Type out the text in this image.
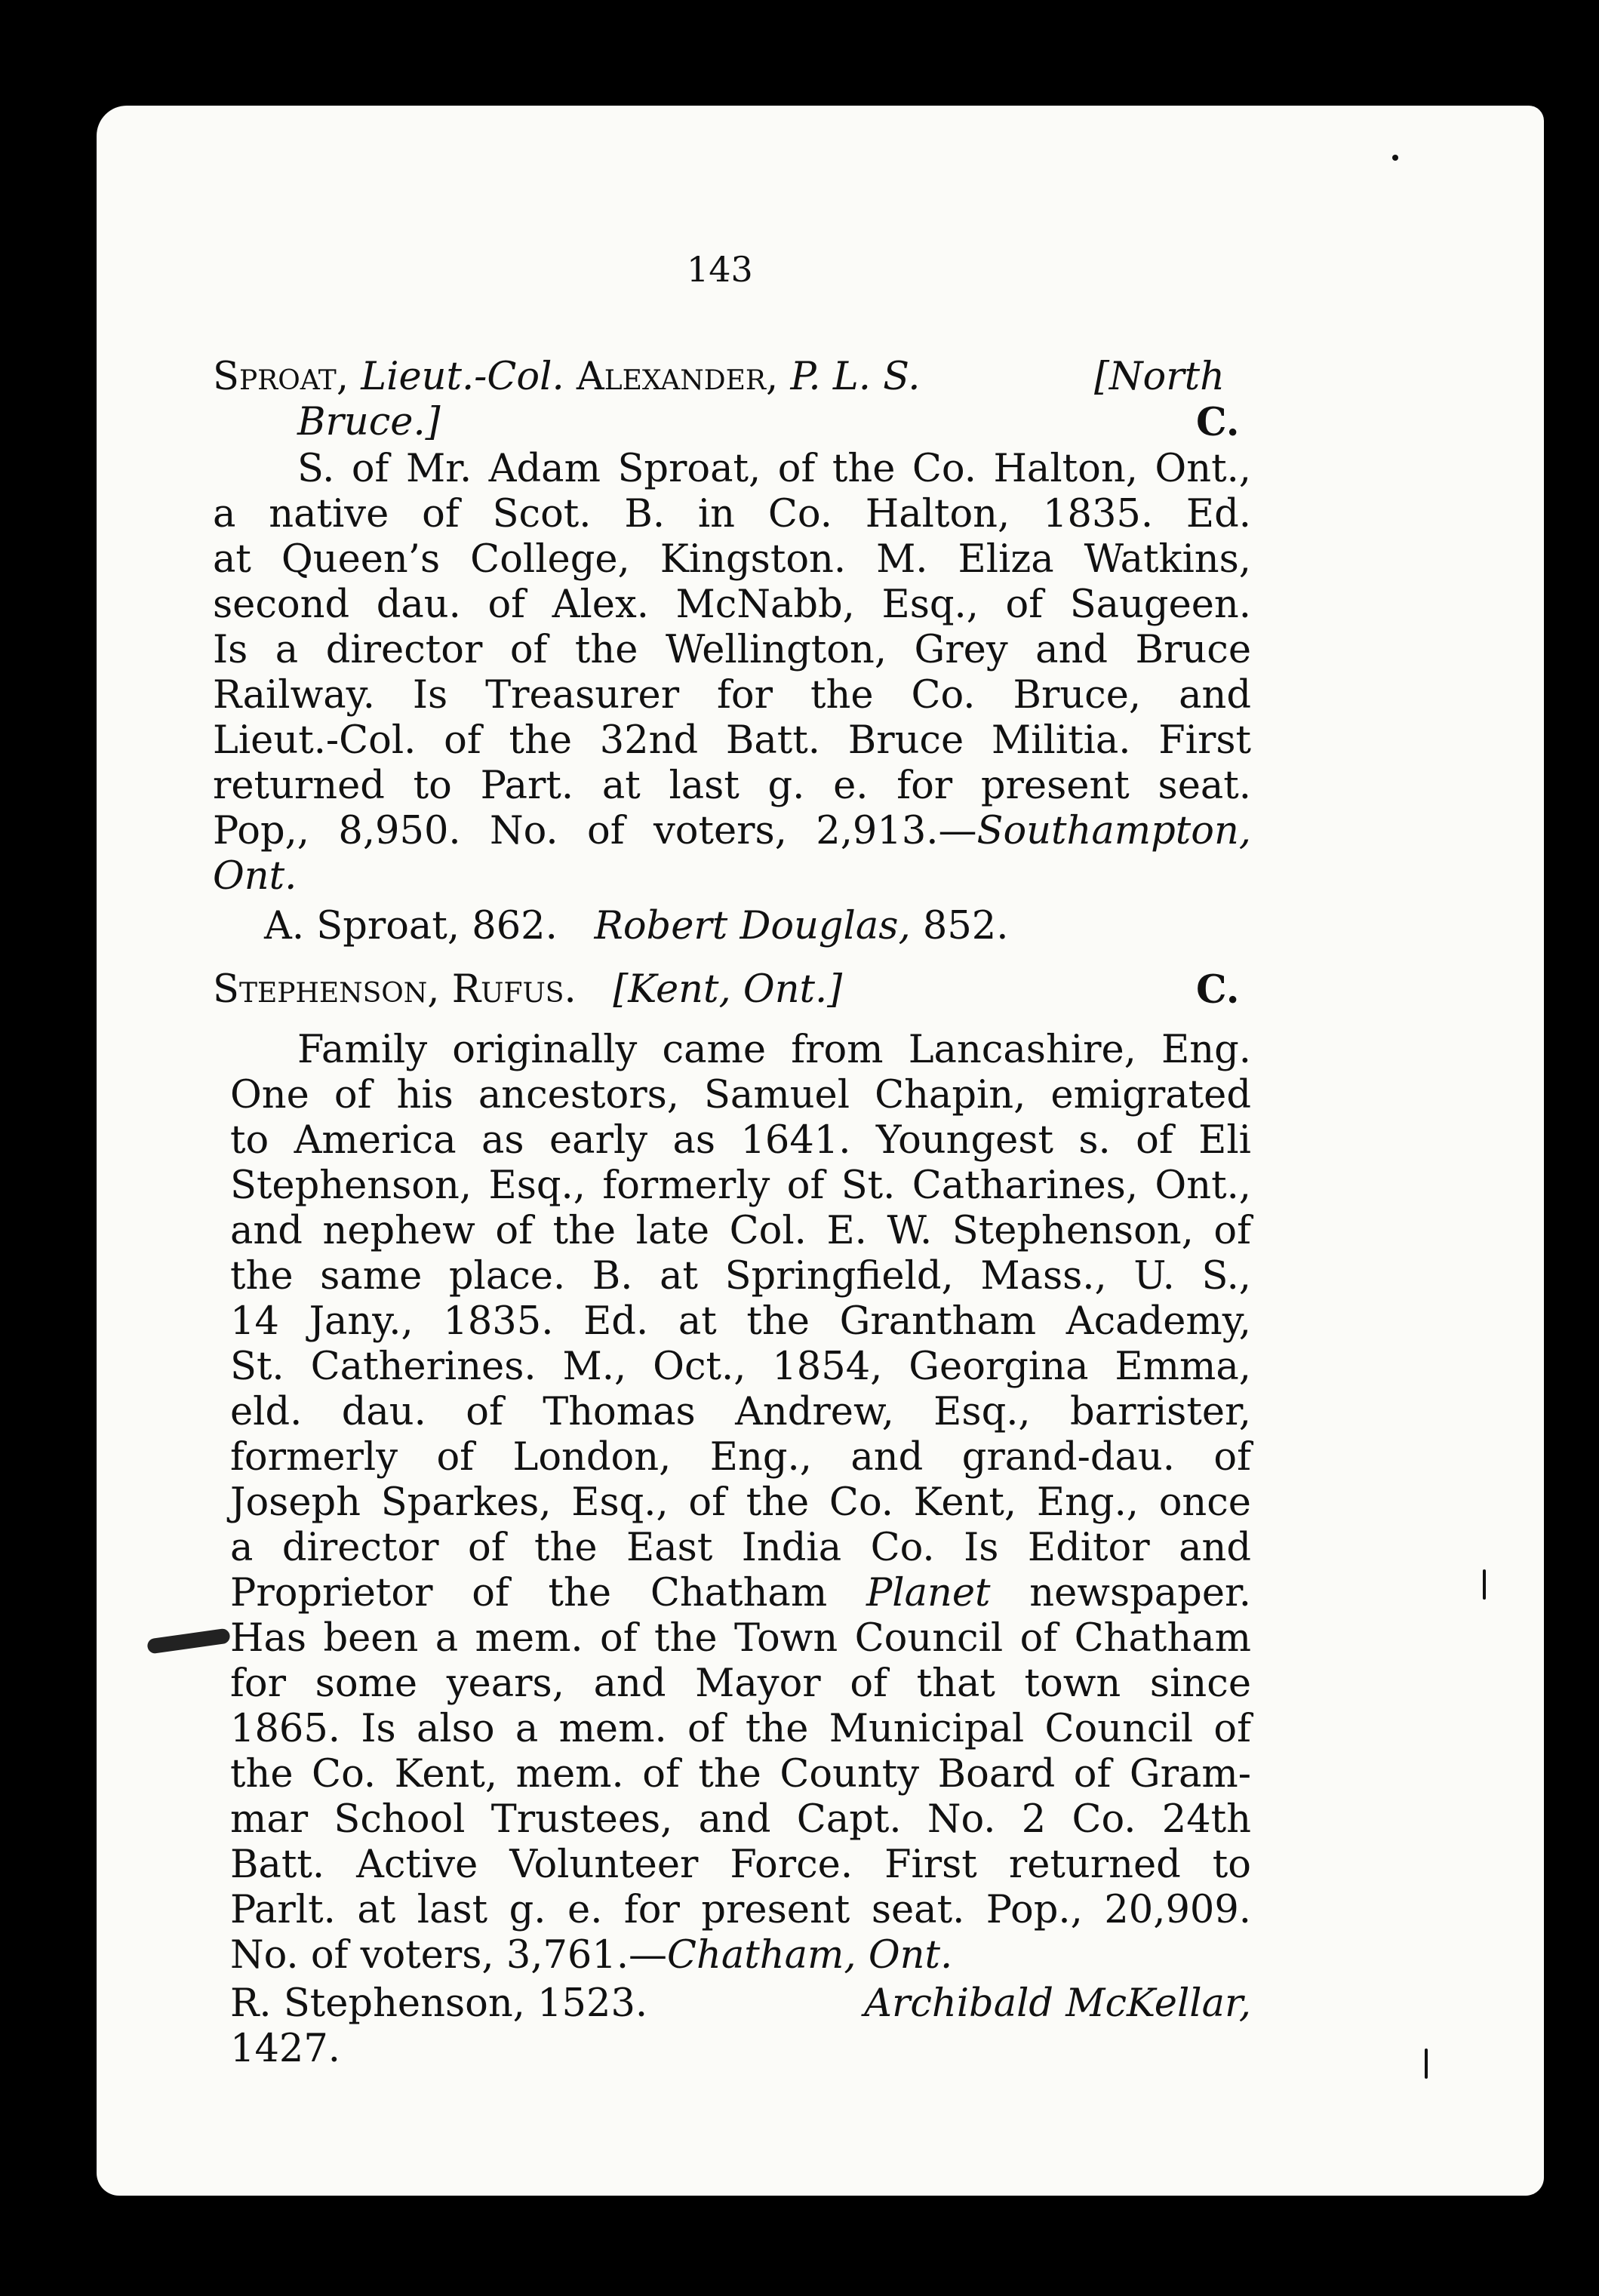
143
Sproat, Lieut.-Col. Alexander, P. L. S.	[North
Bruce.]	C.
S. of Mr. Adam Sproat, of the Co. Halton, Ont.,
a native of Scot. B. in Co. Halton, 1835. Ed.
at Queen’s College, Kingston. M. Eliza Watkins,
second dau. of Alex. McNabb, Esq., of Saugeen.
Is a director of the Wellington, Grey and Bruce
Railway. Is Treasurer for the Co. Bruce, and
Lieut.-Col. of the 32nd Batt. Bruce Militia. First
returned to Part. at last g. e. for present seat.
Pop,, 8,950. No. of voters, 2,913.—Southampton,
Ont.
A. Sproat, 862. Robert Douglas, 852.
Stephenson, Rufus. [Kent, Ont.]	C.
Family originally came from Lancashire, Eng.
One of his ancestors, Samuel Chapin, emigrated
to America as early as 1641. Youngest s. of Eli
Stephenson, Esq., formerly of St. Catharines, Ont.,
and nephew of the late Col. E. W. Stephenson, of
the same place. B. at Springfield, Mass., U. S.,
14 Jany., 1835. Ed. at the Grantham Academy,
St. Catherines. M., Oct., 1854, Georgina Emma,
eld. dau. of Thomas Andrew, Esq., barrister,
formerly of London, Eng., and grand-dau. of
Joseph Sparkes, Esq., of the Co. Kent, Eng., once
a director of the East India Co. Is Editor and
Proprietor of the Chatham Planet newspaper.
Has been a mem. of the Town Council of Chatham
for some years, and Mayor of that town since
1865. Is also a mem. of the Municipal Council of
the Co. Kent, mem. of the County Board of Gram-
mar School Trustees, and Capt. No. 2 Co. 24th
Batt. Active Volunteer Force. First returned to
Parlt. at last g. e. for present seat. Pop., 20,909.
No. of voters, 3,761.—Chatham, Ont.
R. Stephenson, 1523.	Archibald McKellar,
1427.
